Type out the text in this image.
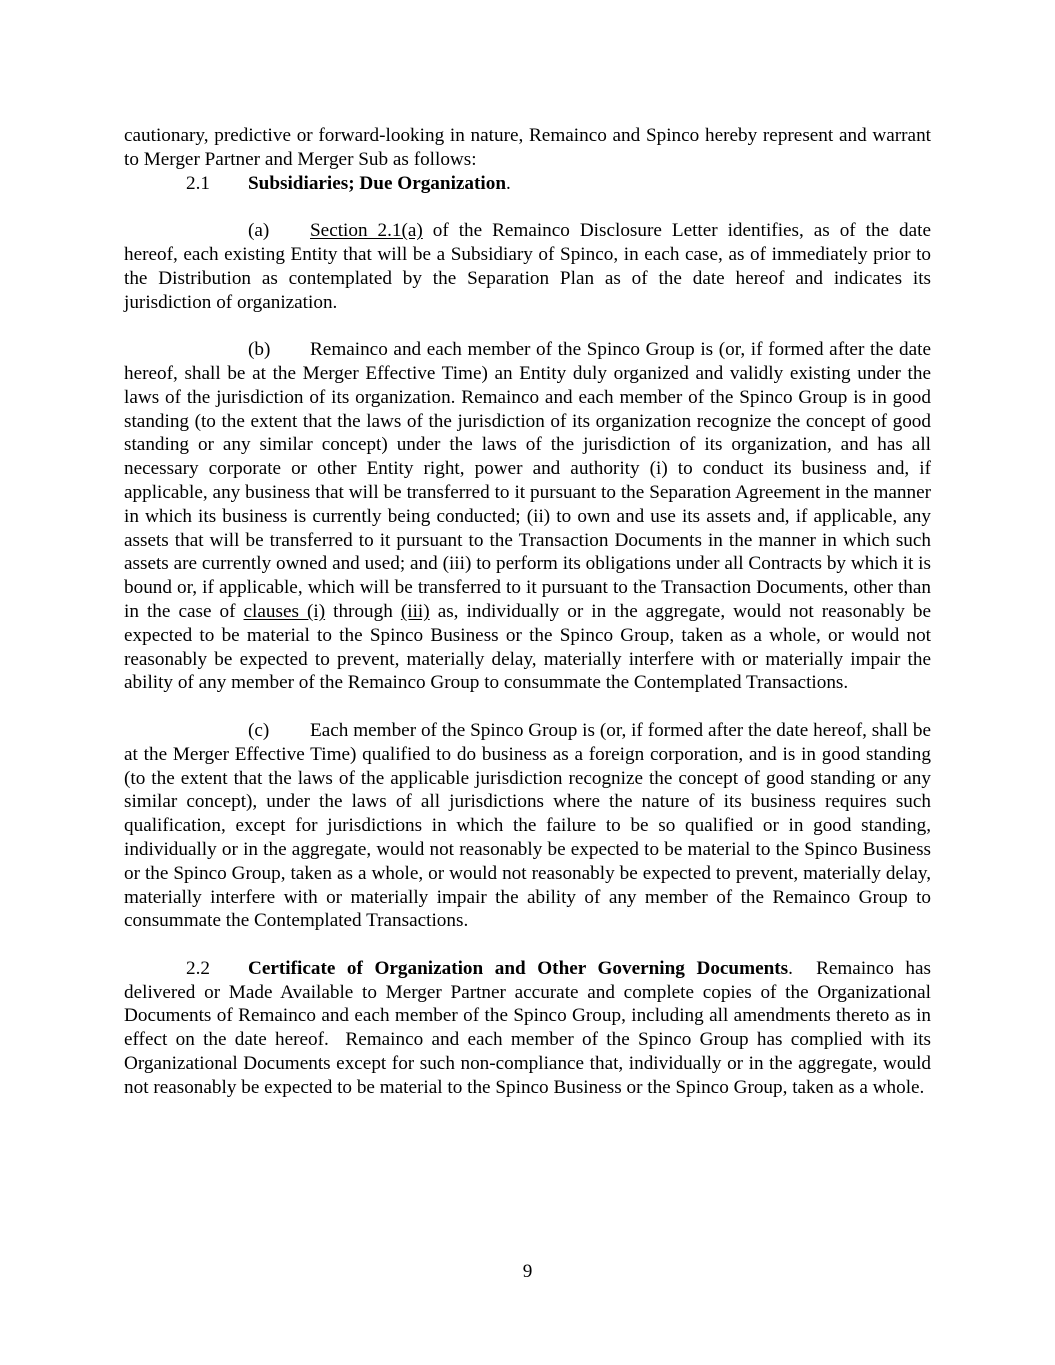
cautionary, predictive or forward-looking in nature, Remainco and Spinco hereby represent and warrant to Merger Partner and Merger Sub as follows:

2.1 Subsidiaries; Due Organization.

(a) Section 2.1(a) of the Remainco Disclosure Letter identifies, as of the date hereof, each existing Entity that will be a Subsidiary of Spinco, in each case, as of immediately prior to the Distribution as contemplated by the Separation Plan as of the date hereof and indicates its jurisdiction of organization.

(b) Remainco and each member of the Spinco Group is (or, if formed after the date hereof, shall be at the Merger Effective Time) an Entity duly organized and validly existing under the laws of the jurisdiction of its organization. Remainco and each member of the Spinco Group is in good standing (to the extent that the laws of the jurisdiction of its organization recognize the concept of good standing or any similar concept) under the laws of the jurisdiction of its organization, and has all necessary corporate or other Entity right, power and authority (i) to conduct its business and, if applicable, any business that will be transferred to it pursuant to the Separation Agreement in the manner in which its business is currently being conducted; (ii) to own and use its assets and, if applicable, any assets that will be transferred to it pursuant to the Transaction Documents in the manner in which such assets are currently owned and used; and (iii) to perform its obligations under all Contracts by which it is bound or, if applicable, which will be transferred to it pursuant to the Transaction Documents, other than in the case of clauses (i) through (iii) as, individually or in the aggregate, would not reasonably be expected to be material to the Spinco Business or the Spinco Group, taken as a whole, or would not reasonably be expected to prevent, materially delay, materially interfere with or materially impair the ability of any member of the Remainco Group to consummate the Contemplated Transactions.

(c) Each member of the Spinco Group is (or, if formed after the date hereof, shall be at the Merger Effective Time) qualified to do business as a foreign corporation, and is in good standing (to the extent that the laws of the applicable jurisdiction recognize the concept of good standing or any similar concept), under the laws of all jurisdictions where the nature of its business requires such qualification, except for jurisdictions in which the failure to be so qualified or in good standing, individually or in the aggregate, would not reasonably be expected to be material to the Spinco Business or the Spinco Group, taken as a whole, or would not reasonably be expected to prevent, materially delay, materially interfere with or materially impair the ability of any member of the Remainco Group to consummate the Contemplated Transactions.

2.2 Certificate of Organization and Other Governing Documents.  Remainco has delivered or Made Available to Merger Partner accurate and complete copies of the Organizational Documents of Remainco and each member of the Spinco Group, including all amendments thereto as in effect on the date hereof.  Remainco and each member of the Spinco Group has complied with its Organizational Documents except for such non-compliance that, individually or in the aggregate, would not reasonably be expected to be material to the Spinco Business or the Spinco Group, taken as a whole.

9
